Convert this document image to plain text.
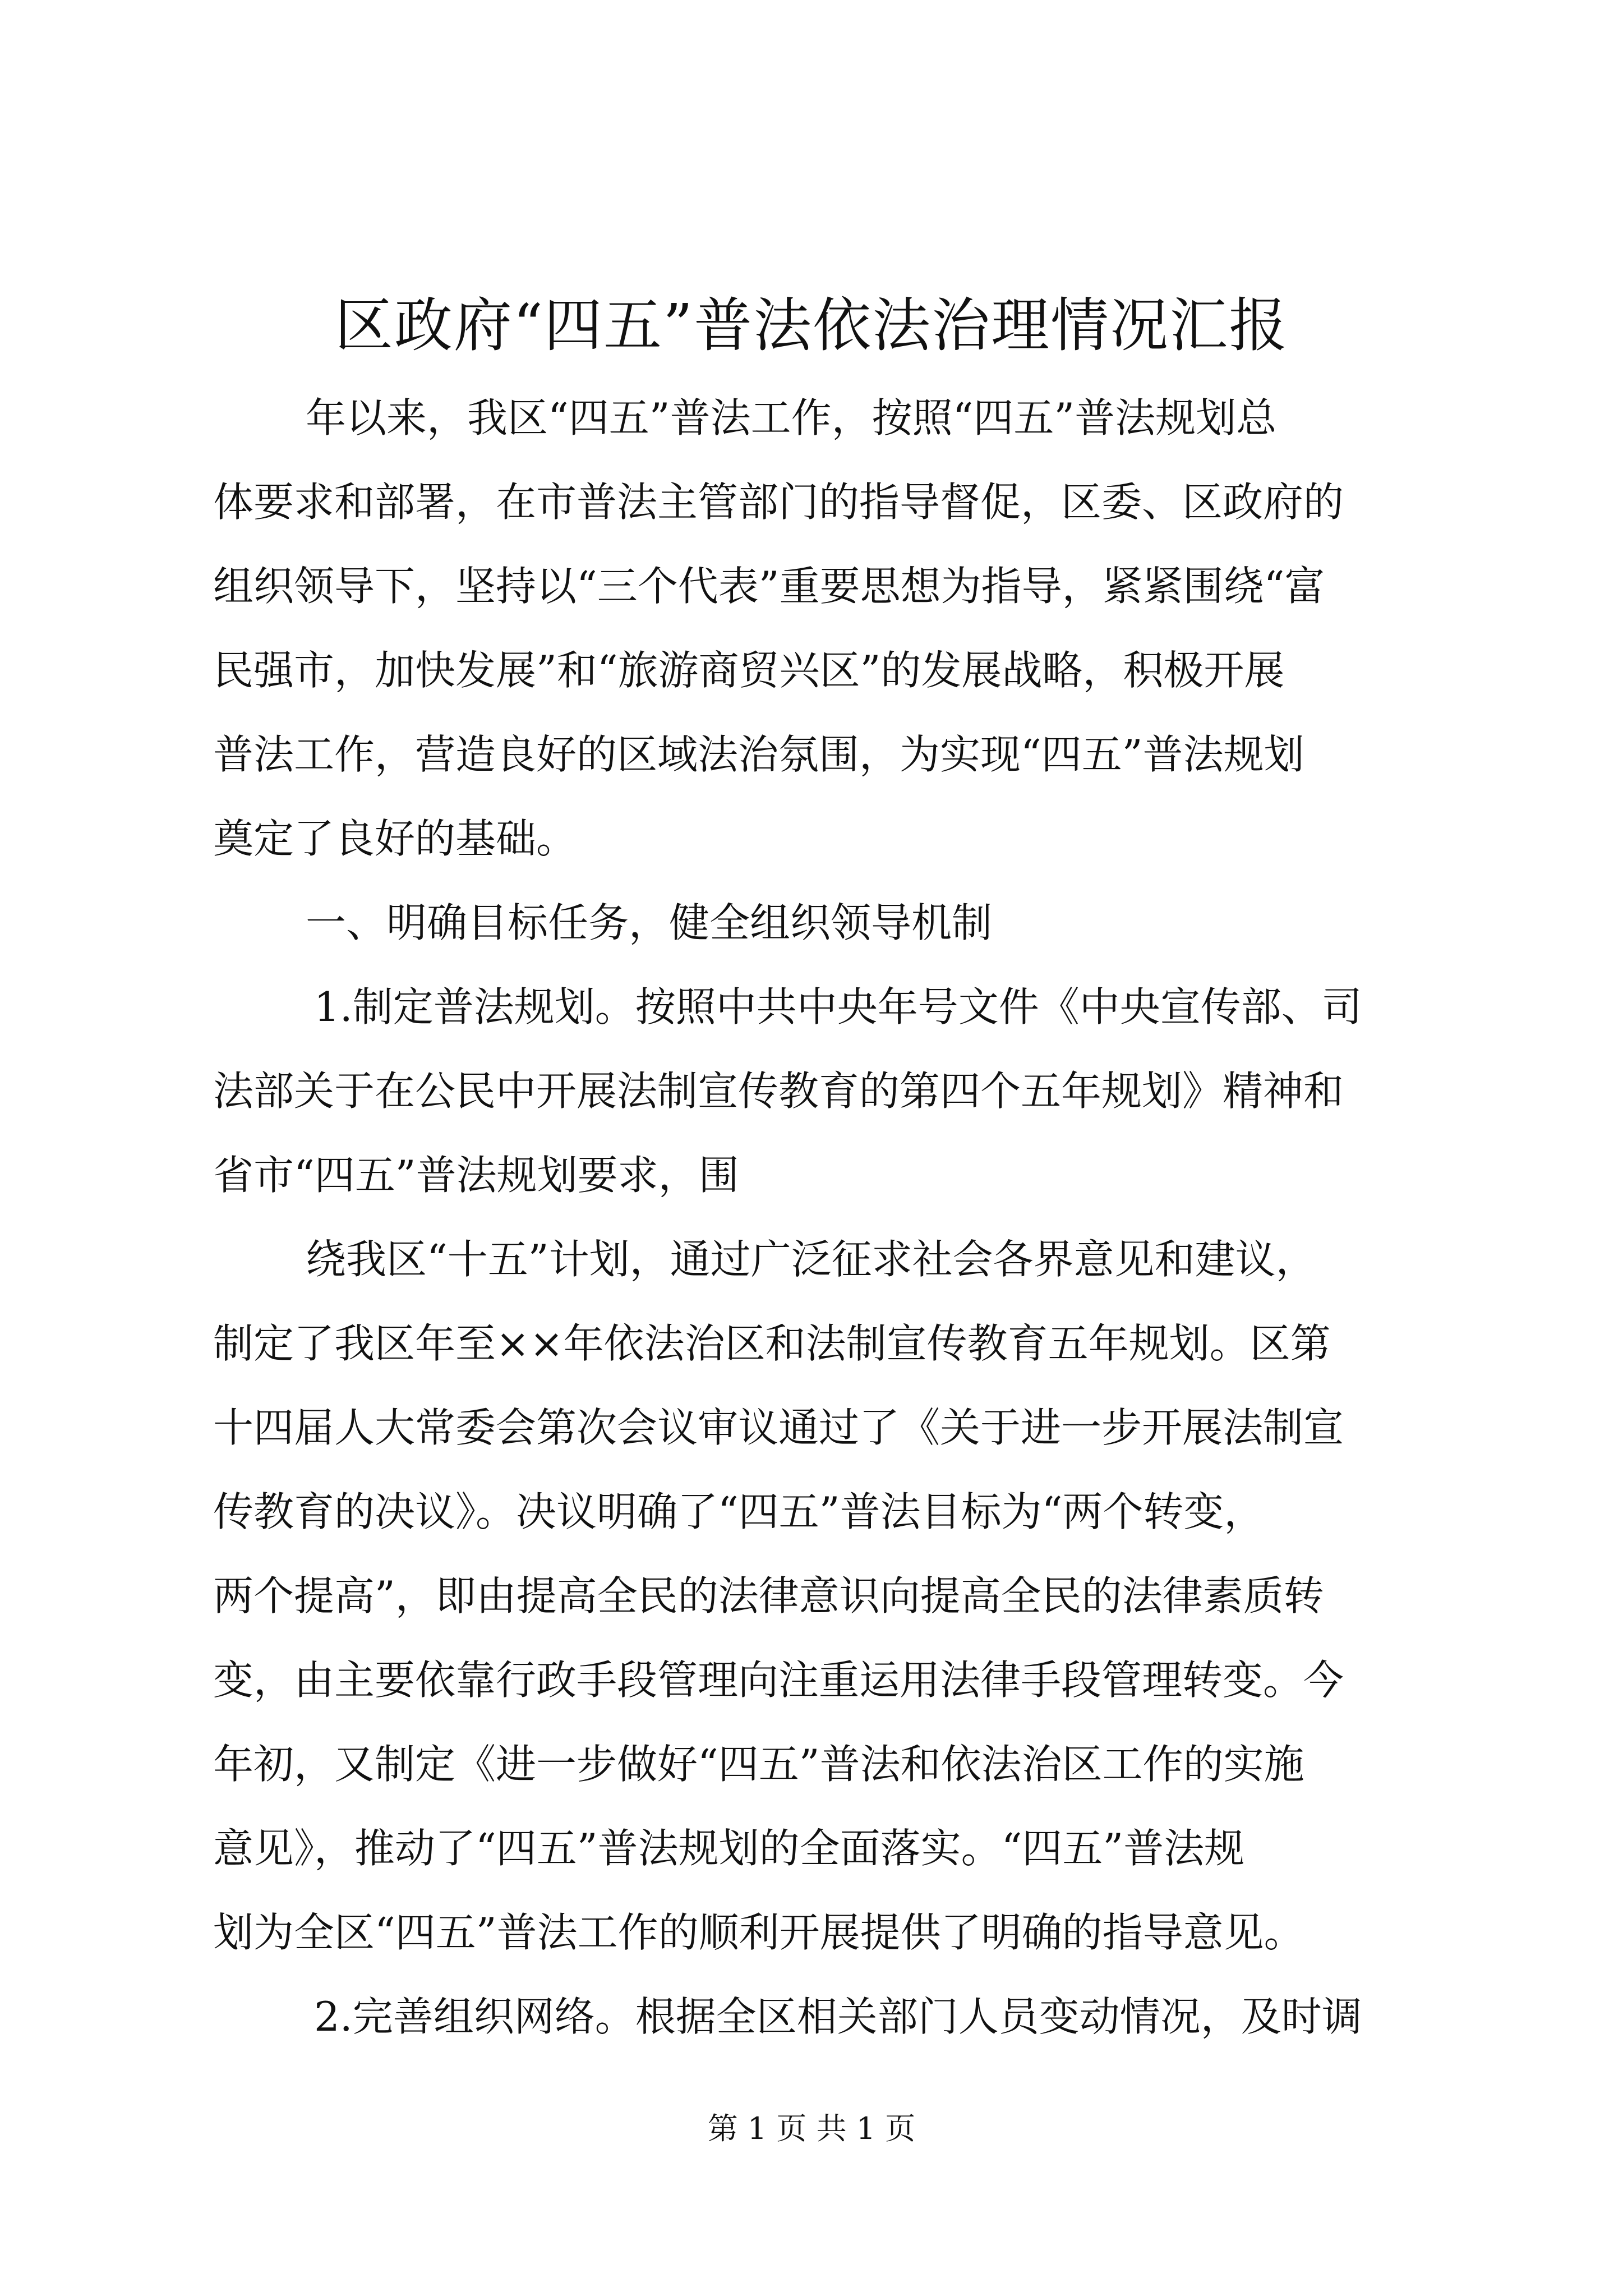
区政府“四五”普法依法治理情况汇报

年以来，我区“四五”普法工作，按照“四五”普法规划总

体要求和部署，在市普法主管部门的指导督促，区委、区政府的

组织领导下，坚持以“三个代表”重要思想为指导，紧紧围绕“富

民强市，加快发展”和“旅游商贸兴区”的发展战略，积极开展

普法工作，营造良好的区域法治氛围，为实现“四五”普法规划

奠定了良好的基础。

一、明确目标任务，健全组织领导机制

1.制定普法规划。按照中共中央年号文件《中央宣传部、司

法部关于在公民中开展法制宣传教育的第四个五年规划》精神和

省市“四五”普法规划要求，围

绕我区“十五”计划，通过广泛征求社会各界意见和建议，

制定了我区年至××年依法治区和法制宣传教育五年规划。区第

十四届人大常委会第次会议审议通过了《关于进一步开展法制宣

传教育的决议》。决议明确了“四五”普法目标为“两个转变，

两个提高”，即由提高全民的法律意识向提高全民的法律素质转

变，由主要依靠行政手段管理向注重运用法律手段管理转变。今

年初，又制定《进一步做好“四五”普法和依法治区工作的实施

意见》，推动了“四五”普法规划的全面落实。“四五”普法规

划为全区“四五”普法工作的顺利开展提供了明确的指导意见。

2.完善组织网络。根据全区相关部门人员变动情况，及时调

第 1 页 共 1 页
